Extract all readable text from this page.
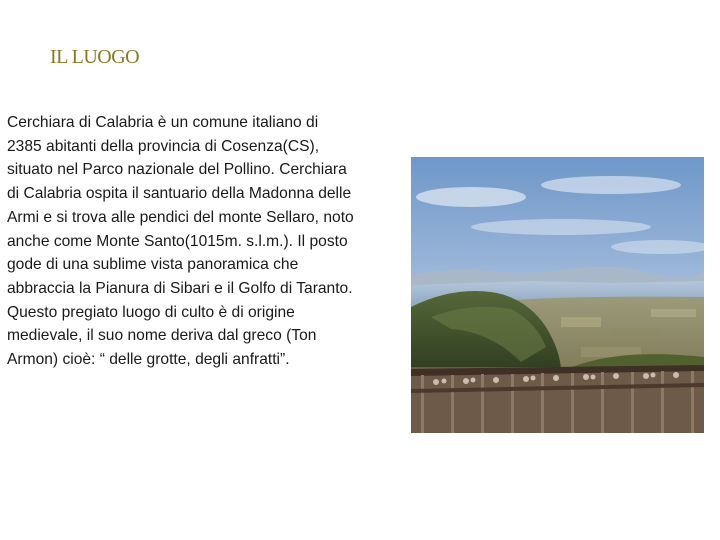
IL LUOGO

Cerchiara di Calabria è un comune italiano di 2385 abitanti della provincia di Cosenza(CS), situato nel Parco nazionale del Pollino. Cerchiara di Calabria ospita il santuario della Madonna delle Armi e si trova alle pendici del monte Sellaro, noto anche come Monte Santo(1015m. s.l.m.). Il posto gode di una sublime vista panoramica che abbraccia la Pianura di Sibari e il Golfo di Taranto. Questo pregiato luogo di culto è di origine medievale, il suo nome deriva dal greco (Ton Armon) cioè: “ delle grotte, degli anfratti”.
